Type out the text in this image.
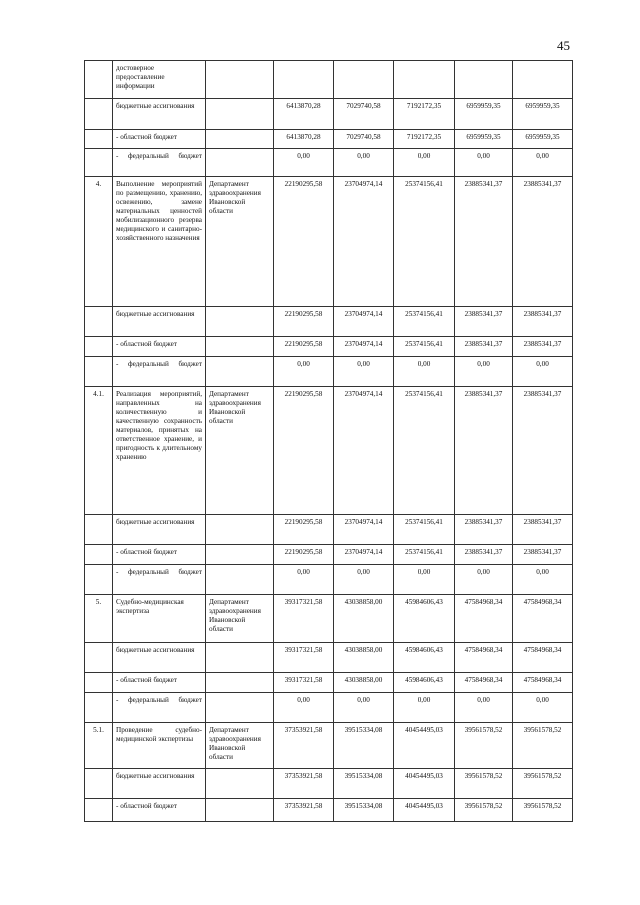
45
	достоверное предоставление информации						
	бюджетные ассигнования		6413870,28	7029740,58	7192172,35	6959959,35	6959959,35
	- областной бюджет		6413870,28	7029740,58	7192172,35	6959959,35	6959959,35
	- федеральный бюджет		0,00	0,00	0,00	0,00	0,00
4.	Выполнение мероприятий по размещению, хранению, освежению, замене материальных ценностей мобилизационного резерва медицинского и санитарно-хозяйственного назначения	Департамент здравоохранения Ивановской области	22190295,58	23704974,14	25374156,41	23885341,37	23885341,37
	бюджетные ассигнования		22190295,58	23704974,14	25374156,41	23885341,37	23885341,37
	- областной бюджет		22190295,58	23704974,14	25374156,41	23885341,37	23885341,37
	- федеральный бюджет		0,00	0,00	0,00	0,00	0,00
4.1.	Реализация мероприятий, направленных на количественную и качественную сохранность материалов, принятых на ответственное хранение, и пригодность к длительному хранению	Департамент здравоохранения Ивановской области	22190295,58	23704974,14	25374156,41	23885341,37	23885341,37
	бюджетные ассигнования		22190295,58	23704974,14	25374156,41	23885341,37	23885341,37
	- областной бюджет		22190295,58	23704974,14	25374156,41	23885341,37	23885341,37
	- федеральный бюджет		0,00	0,00	0,00	0,00	0,00
5.	Судебно-медицинская экспертиза	Департамент здравоохранения Ивановской области	39317321,58	43038858,00	45984606,43	47584968,34	47584968,34
	бюджетные ассигнования		39317321,58	43038858,00	45984606,43	47584968,34	47584968,34
	- областной бюджет		39317321,58	43038858,00	45984606,43	47584968,34	47584968,34
	- федеральный бюджет		0,00	0,00	0,00	0,00	0,00
5.1.	Проведение судебно-медицинской экспертизы	Департамент здравоохранения Ивановской области	37353921,58	39515334,08	40454495,03	39561578,52	39561578,52
	бюджетные ассигнования		37353921,58	39515334,08	40454495,03	39561578,52	39561578,52
	- областной бюджет		37353921,58	39515334,08	40454495,03	39561578,52	39561578,52
